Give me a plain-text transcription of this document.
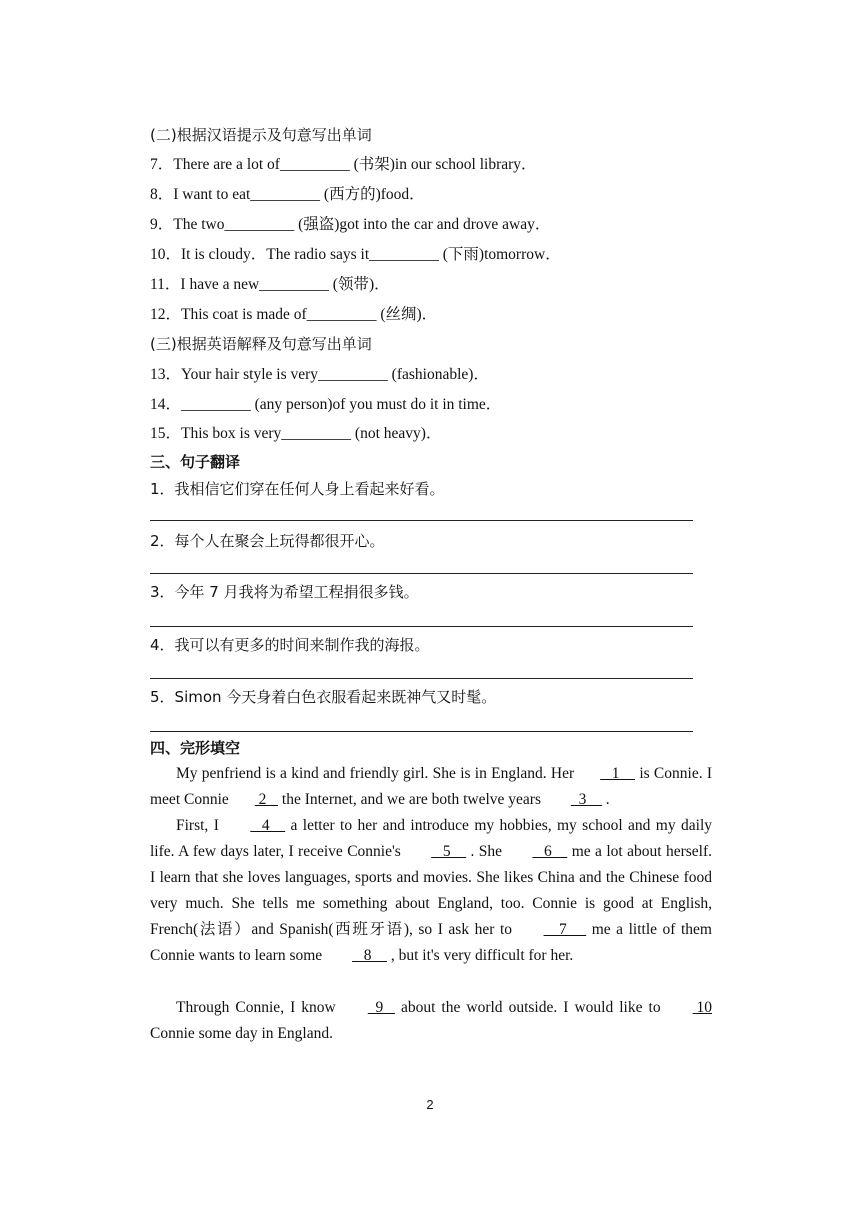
(二)根据汉语提示及句意写出单词
7．There are a lot of_________ (书架)in our school library．
8．I want to eat_________ (西方的)food．
9．The two_________ (强盗)got into the car and drove away．
10．It is cloudy．The radio says it_________ (下雨)tomorrow．
11．I have a new_________ (领带)．
12．This coat is made of_________ (丝绸)．
(三)根据英语解释及句意写出单词
13．Your hair style is very_________ (fashionable)．
14．_________ (any person)of you must do it in time．
15．This box is very_________ (not heavy)．
三、句子翻译
1．我相信它们穿在任何人身上看起来好看。
2．每个人在聚会上玩得都很开心。
3．今年 7 月我将为希望工程捐很多钱。
4．我可以有更多的时间来制作我的海报。
5．Simon 今天身着白色衣服看起来既神气又时髦。
四、完形填空
My penfriend is a kind and friendly girl. She is in England. Her   1     is Connie. I meet Connie 2    the Internet, and we are both twelve years   3     .
First, I    4     a letter to her and introduce my hobbies, my school and my daily life. A few days later, I receive Connie's    5     . She    6     me a lot about herself. I learn that she loves languages, sports and movies. She likes China and the Chinese food very much. She tells me something about England, too. Connie is good at English, French(法语）and Spanish(西班牙语), so I ask her to     7      me a little of them　Connie wants to learn some    8     , but it's very difficult for her.
Through Connie, I know   9    about the world outside. I would like to  10 Connie some day in England.
2
